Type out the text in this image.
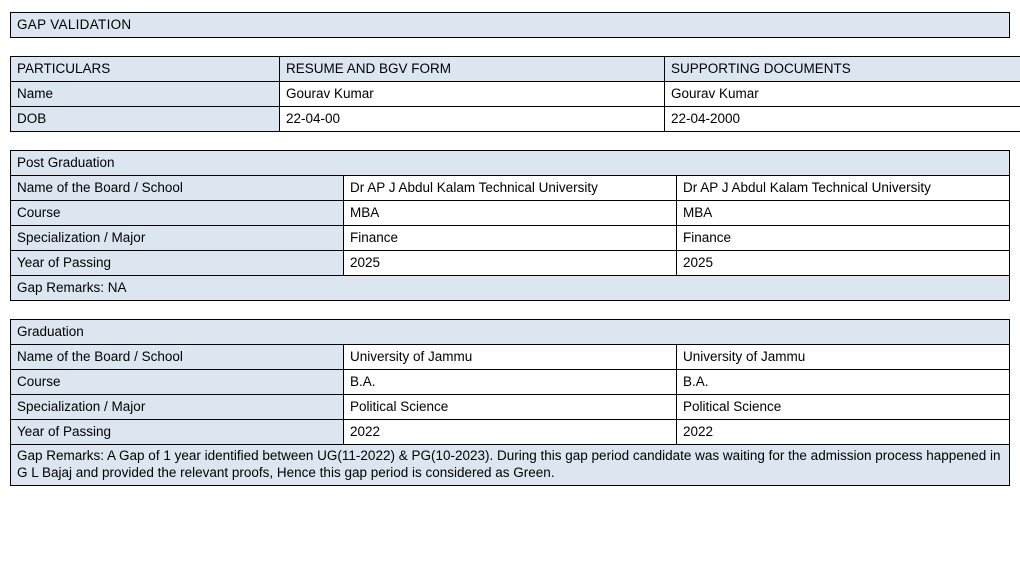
GAP VALIDATION
PARTICULARS	RESUME AND BGV FORM	SUPPORTING DOCUMENTS
Name	Gourav Kumar	Gourav Kumar
DOB	22-04-00	22-04-2000
Post Graduation		
Name of the Board / School	Dr AP J Abdul Kalam Technical University	Dr AP J Abdul Kalam Technical University
Course	MBA	MBA
Specialization / Major	Finance	Finance
Year of Passing	2025	2025
Gap Remarks: NA		
Graduation		
Name of the Board / School	University of Jammu	University of Jammu
Course	B.A.	B.A.
Specialization / Major	Political Science	Political Science
Year of Passing	2022	2022
Gap Remarks: A Gap of 1 year identified between UG(11-2022) & PG(10-2023). During this gap period candidate was waiting for the admission process happened in G L Bajaj and provided the relevant proofs, Hence this gap period is considered as Green.		
